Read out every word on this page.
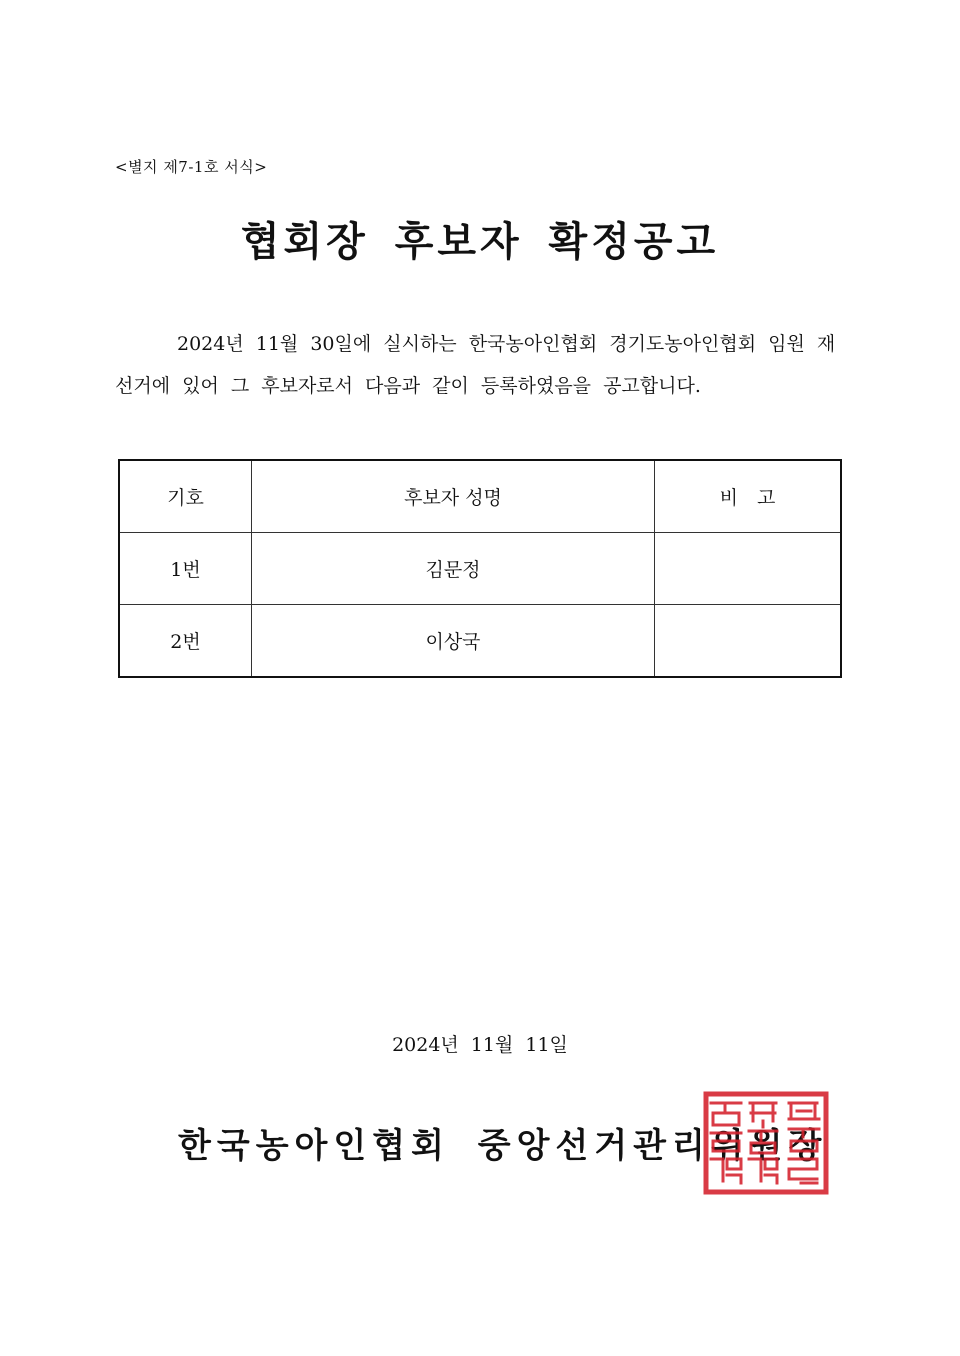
<별지 제7-1호 서식>
협회장 후보자 확정공고
2024년 11월 30일에 실시하는 한국농아인협회 경기도농아인협회 임원 재
선거에 있어 그 후보자로서 다음과 같이 등록하였음을 공고합니다.
기호	후보자 성명	비　고
1번	김문정	
2번	이상국	
2024년 11월 11일
한국농아인협회 중앙선거관리위원장
